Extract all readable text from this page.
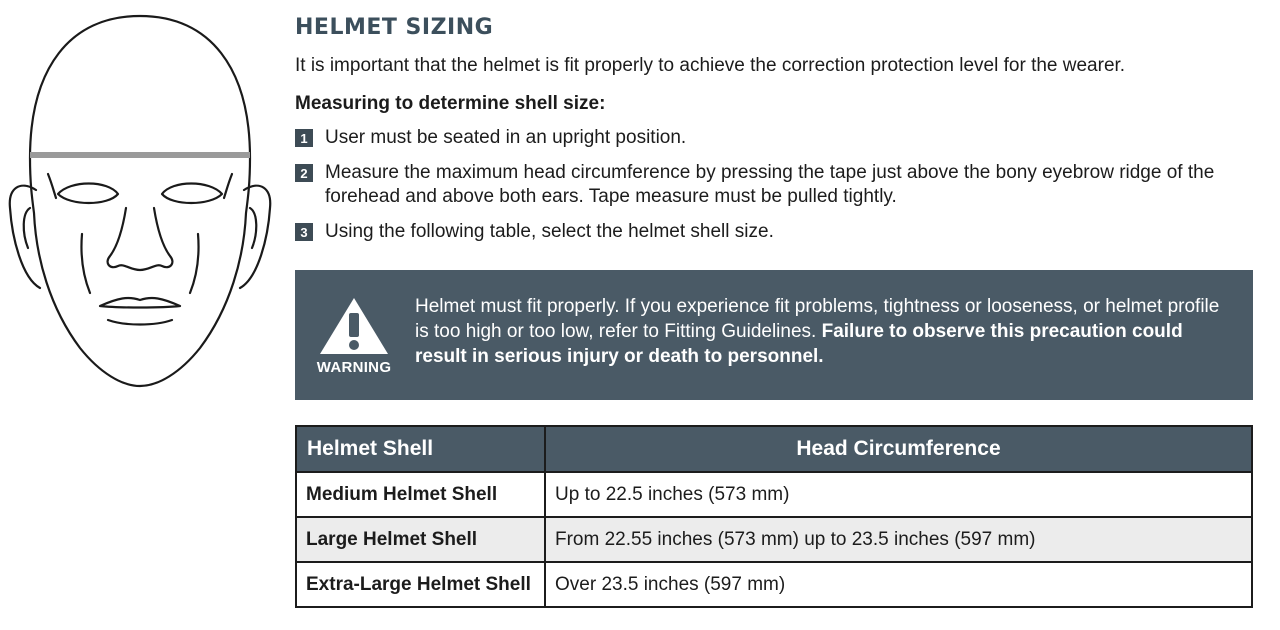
HELMET SIZING

It is important that the helmet is fit properly to achieve the correction protection level for the wearer.

Measuring to determine shell size:

1 User must be seated in an upright position.
2 Measure the maximum head circumference by pressing the tape just above the bony eyebrow ridge of the forehead and above both ears. Tape measure must be pulled tightly.
3 Using the following table, select the helmet shell size.
WARNING
Helmet must fit properly. If you experience fit problems, tightness or looseness, or helmet profile is too high or too low, refer to Fitting Guidelines. Failure to observe this precaution could result in serious injury or death to personnel.
Helmet Shell	Head Circumference
Medium Helmet Shell	Up to 22.5 inches (573 mm)
Large Helmet Shell	From 22.55 inches (573 mm) up to 23.5 inches (597 mm)
Extra-Large Helmet Shell	Over 23.5 inches (597 mm)
